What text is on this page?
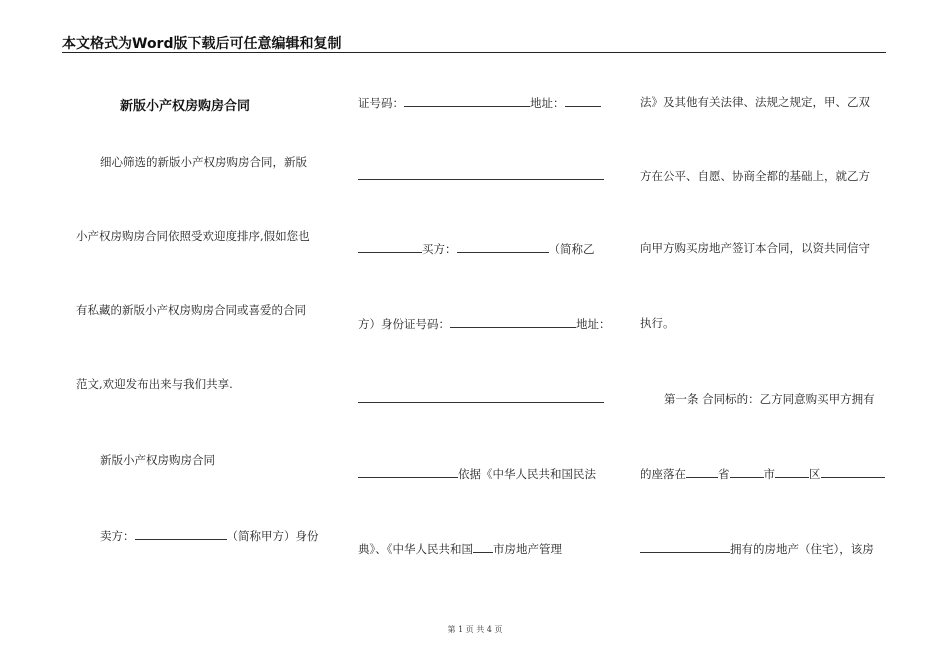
本文格式为Word版下载后可任意编辑和复制
新版小产权房购房合同
细心筛选的新版小产权房购房合同，新版
小产权房购房合同依照受欢迎度排序,假如您也
有私藏的新版小产权房购房合同或喜爱的合同
范文,欢迎发布出来与我们共享.
新版小产权房购房合同
卖方：	（简称甲方）身份
证号码：	地址：
买方：	（简称乙
方）身份证号码：	地址：
依据《中华人民共和国民法
典》、《中华人民共和国 市房地产管理
法》及其他有关法律、法规之规定，甲、乙双
方在公平、自愿、协商全都的基础上，就乙方
向甲方购买房地产签订本合同，以资共同信守
执行。
第一条 合同标的：乙方同意购买甲方拥有
的座落在	省	市	区
拥有的房地产（住宅），该房
第 1 页 共 4 页
